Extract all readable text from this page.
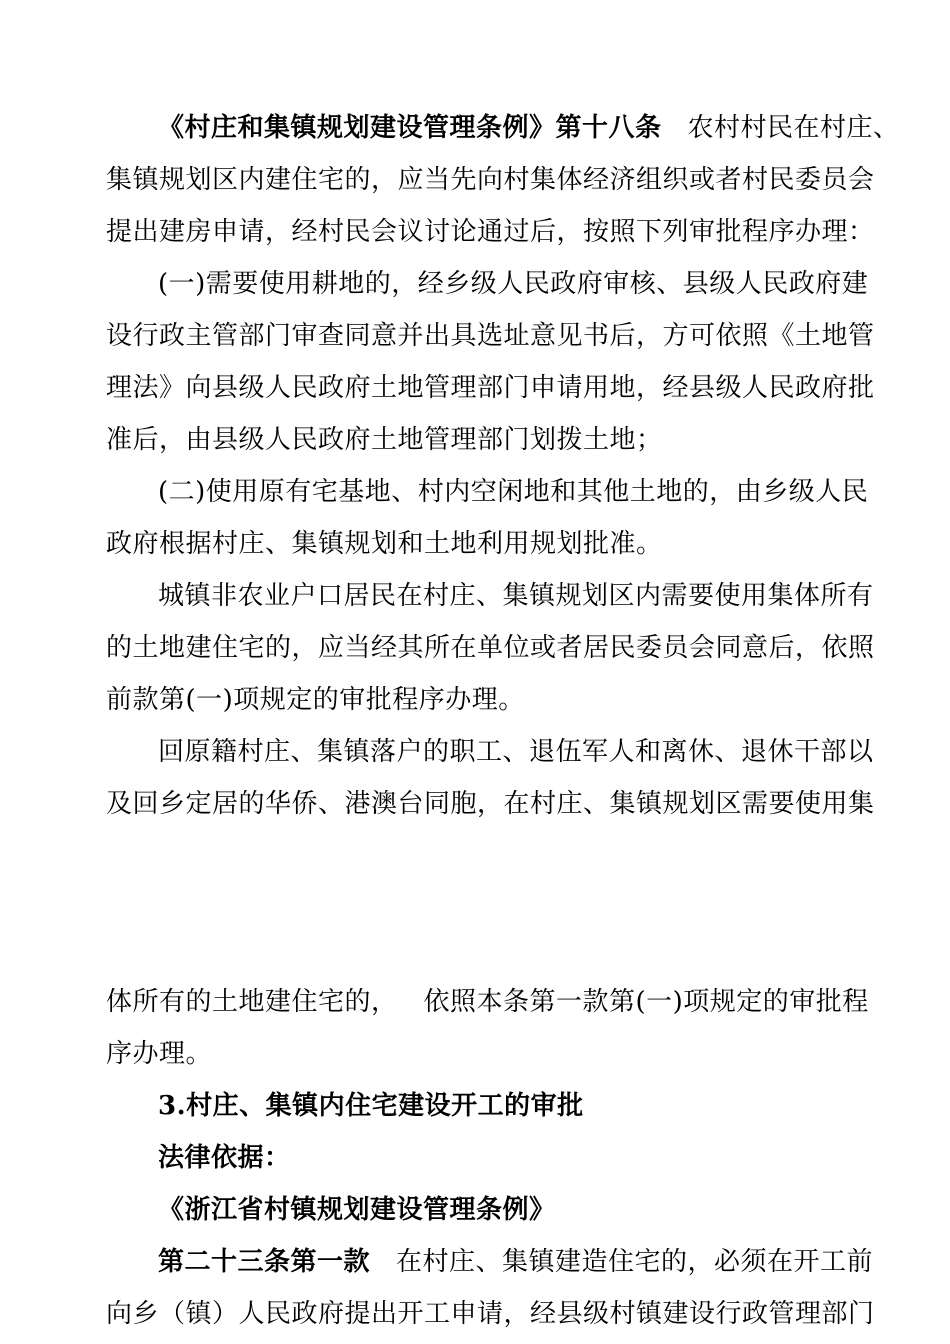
《村庄和集镇规划建设管理条例》第十八条 农村村民在村庄、
集镇规划区内建住宅的，应当先向村集体经济组织或者村民委员会
提出建房申请，经村民会议讨论通过后，按照下列审批程序办理：
(一)需要使用耕地的，经乡级人民政府审核、县级人民政府建
设行政主管部门审查同意并出具选址意见书后，方可依照《土地管
理法》向县级人民政府土地管理部门申请用地，经县级人民政府批
准后，由县级人民政府土地管理部门划拨土地；
(二)使用原有宅基地、村内空闲地和其他土地的，由乡级人民
政府根据村庄、集镇规划和土地利用规划批准。
城镇非农业户口居民在村庄、集镇规划区内需要使用集体所有
的土地建住宅的，应当经其所在单位或者居民委员会同意后，依照
前款第(一)项规定的审批程序办理。
回原籍村庄、集镇落户的职工、退伍军人和离休、退休干部以
及回乡定居的华侨、港澳台同胞，在村庄、集镇规划区需要使用集
体所有的土地建住宅的， 依照本条第一款第(一)项规定的审批程
序办理。
3.村庄、集镇内住宅建设开工的审批
法律依据：
《浙江省村镇规划建设管理条例》
第二十三条第一款 在村庄、集镇建造住宅的，必须在开工前
向乡（镇）人民政府提出开工申请，经县级村镇建设行政管理部门
